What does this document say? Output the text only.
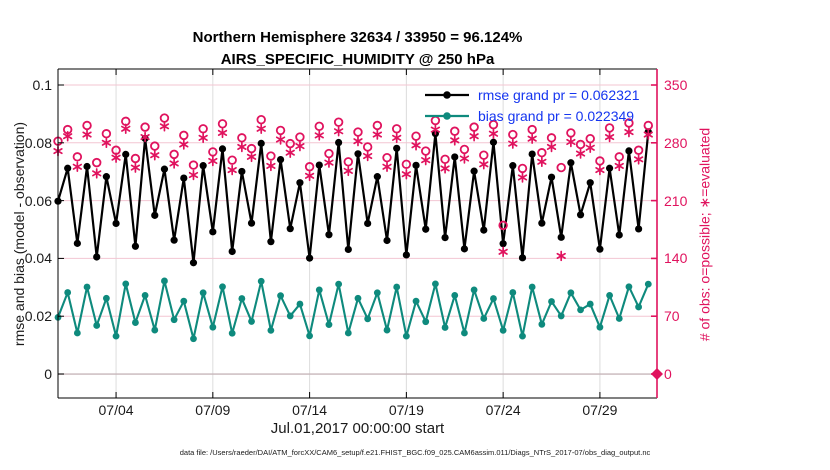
Northern Hemisphere 32634 / 33950 = 96.124%
AIRS_SPECIFIC_HUMIDITY @ 250 hPa
rmse and bias (model - observation)	# of obs: o=possible; ∗=evaluated
Jul.01,2017 00:00:00 start
0
0.02
0.04
0.06
0.08
0.1
0
70
140
210
280
350
07/04	07/09	07/14	07/19	07/24	07/29
rmse grand pr = 0.062321
bias grand pr = 0.022349
data file: /Users/raeder/DAI/ATM_forcXX/CAM6_setup/f.e21.FHIST_BGC.f09_025.CAM6assim.011/Diags_NTrS_2017-07/obs_diag_output.nc
